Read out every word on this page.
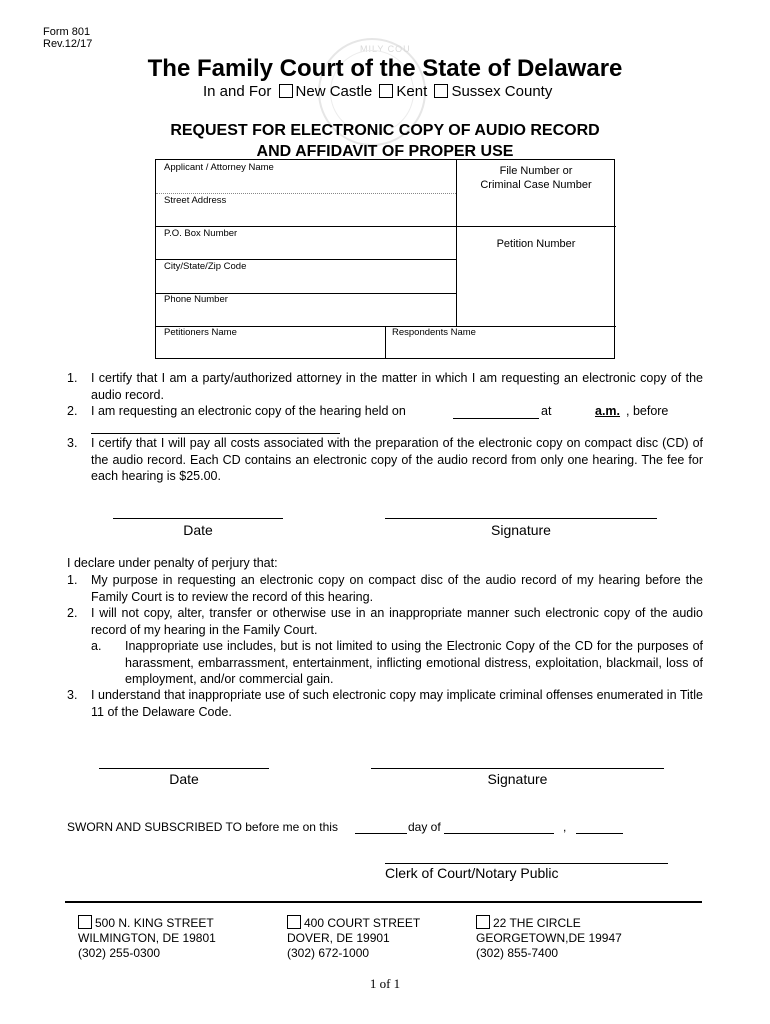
Form 801
Rev.12/17	MILY COU
The Family Court of the State of Delaware
In and For New Castle Kent Sussex County
REQUEST FOR ELECTRONIC COPY OF AUDIO RECORD
AND AFFIDAVIT OF PROPER USE
Applicant / Attorney Name
Street Address
P.O. Box Number
City/State/Zip Code
Phone Number
Petitioners Name	Respondents Name
File Number or
Criminal Case Number
Petition Number
1. I certify that I am a party/authorized attorney in the matter in which I am requesting an electronic copy of the audio record.
2. I am requesting an electronic copy of the hearing held on	at	a.m. , before
3. I certify that I will pay all costs associated with the preparation of the electronic copy on compact disc (CD) of the audio record. Each CD contains an electronic copy of the audio record from only one hearing. The fee for each hearing is $25.00.
Date	Signature
I declare under penalty of perjury that:
1. My purpose in requesting an electronic copy on compact disc of the audio record of my hearing before the Family Court is to review the record of this hearing.
2. I will not copy, alter, transfer or otherwise use in an inappropriate manner such electronic copy of the audio record of my hearing in the Family Court.
a. Inappropriate use includes, but is not limited to using the Electronic Copy of the CD for the purposes of harassment, embarrassment, entertainment, inflicting emotional distress, exploitation, blackmail, loss of employment, and/or commercial gain.
3. I understand that inappropriate use of such electronic copy may implicate criminal offenses enumerated in Title 11 of the Delaware Code.
Date	Signature
SWORN AND SUBSCRIBED TO before me on this	day of	,
Clerk of Court/Notary Public
500 N. KING STREET
WILMINGTON, DE 19801
(302) 255-0300
400 COURT STREET
DOVER, DE 19901
(302) 672-1000
22 THE CIRCLE
GEORGETOWN,DE 19947
(302) 855-7400
1 of 1
